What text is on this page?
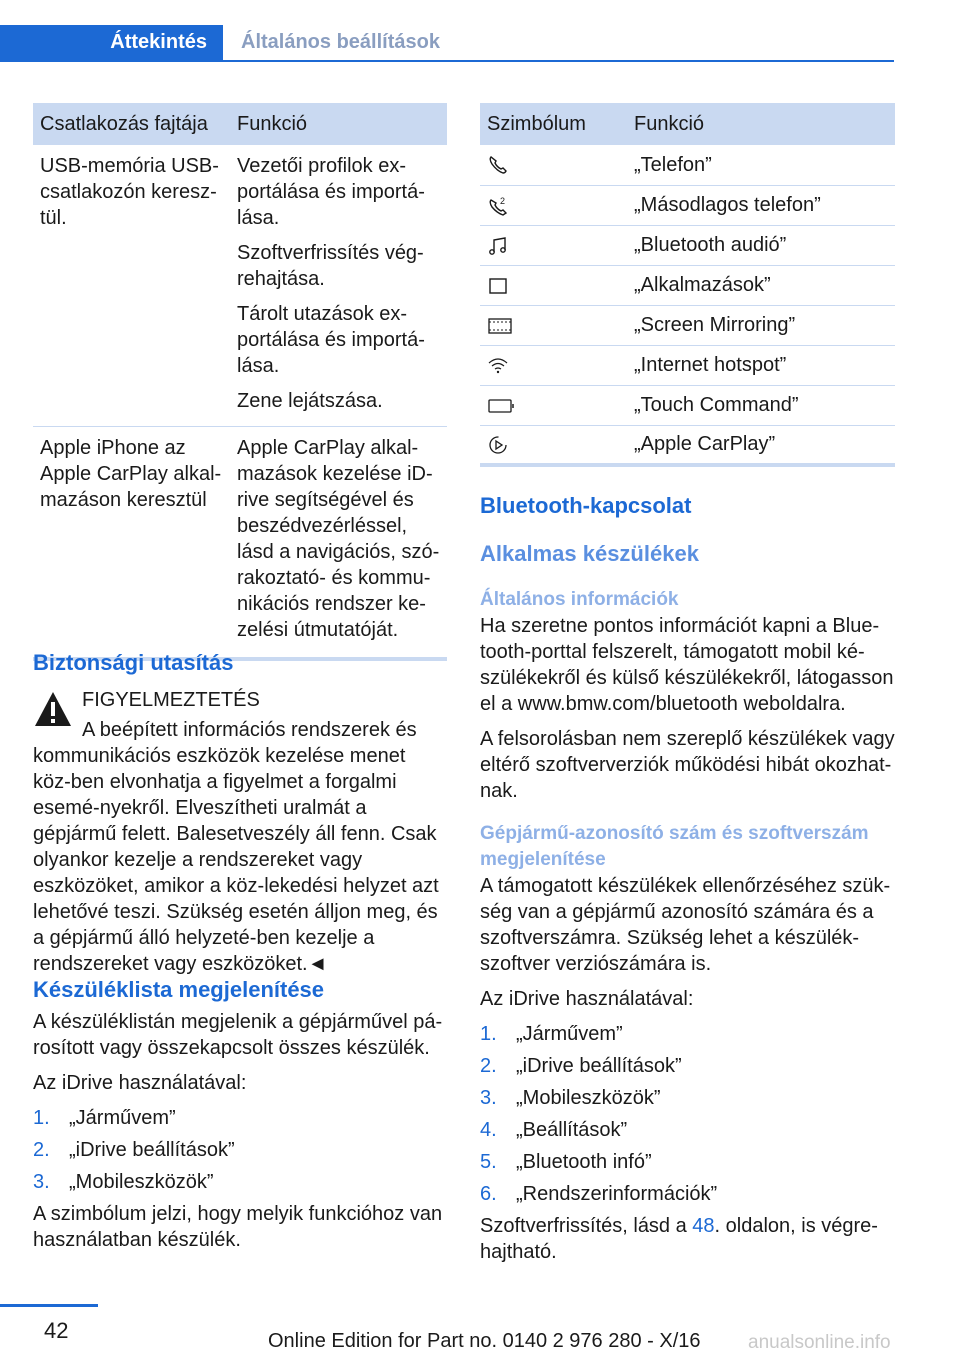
Áttekintés	Általános beállítások
Csatlakozás fajtája	Funkció

USB-memória USB-csatlakozón keresz-tül.	Vezetői profilok ex-portálása és importá-lása.

Szoftverfrissítés vég-rehajtása.

Tárolt utazások ex-portálása és importá-lása.

Zene lejátszása.

Apple iPhone az Apple CarPlay alkal-mazáson keresztül	Apple CarPlay alkal-mazások kezelése iD-rive segítségével és beszédvezérléssel, lásd a navigációs, szó-rakoztató- és kommu-nikációs rendszer ke-zelési útmutatóját.

Biztonsági utasítás
FIGYELMEZTETÉS
A beépített információs rendszerek és kommunikációs eszközök kezelése menet köz-ben elvonhatja a figyelmet a forgalmi esemé-nyekről. Elveszítheti uralmát a gépjármű felett. Balesetveszély áll fenn. Csak olyankor kezelje a rendszereket vagy eszközöket, amikor a köz-lekedési helyzet azt lehetővé teszi. Szükség esetén álljon meg, és a gépjármű álló helyzeté-ben kezelje a rendszereket vagy eszközöket.◄
Készüléklista megjelenítése
A készüléklistán megjelenik a gépjárművel pá-rosított vagy összekapcsolt összes készülék.
Az iDrive használatával:
1. „Járművem”
2. „iDrive beállítások”
3. „Mobileszközök”
A szimbólum jelzi, hogy melyik funkcióhoz van használatban készülék.
Szimbólum	Funkció
	„Telefon”

2	„Másodlagos telefon”
	„Bluetooth audió”
	„Alkalmazások”
	„Screen Mirroring”
	„Internet hotspot”
	„Touch Command”
	„Apple CarPlay”
Bluetooth-kapcsolat
Alkalmas készülékek
Általános információk
Ha szeretne pontos információt kapni a Blue-tooth-porttal felszerelt, támogatott mobil ké-szülékekről és külső készülékekről, látogasson el a www.bmw.com/bluetooth weboldalra.
A felsorolásban nem szereplő készülékek vagy eltérő szoftververziók működési hibát okozhat-nak.
Gépjármű-azonosító szám és szoftverszám megjelenítése
A támogatott készülékek ellenőrzéséhez szük-ség van a gépjármű azonosító számára és a szoftverszámra. Szükség lehet a készülék-szoftver verziószámára is.
Az iDrive használatával:
1. „Járművem”
2. „iDrive beállítások”
3. „Mobileszközök”
4. „Beállítások”
5. „Bluetooth infó”
6. „Rendszerinformációk”
Szoftverfrissítés, lásd a 48. oldalon, is végre-hajtható.
42	Online Edition for Part no. 0140 2 976 280 - X/16 anualsonline.info
